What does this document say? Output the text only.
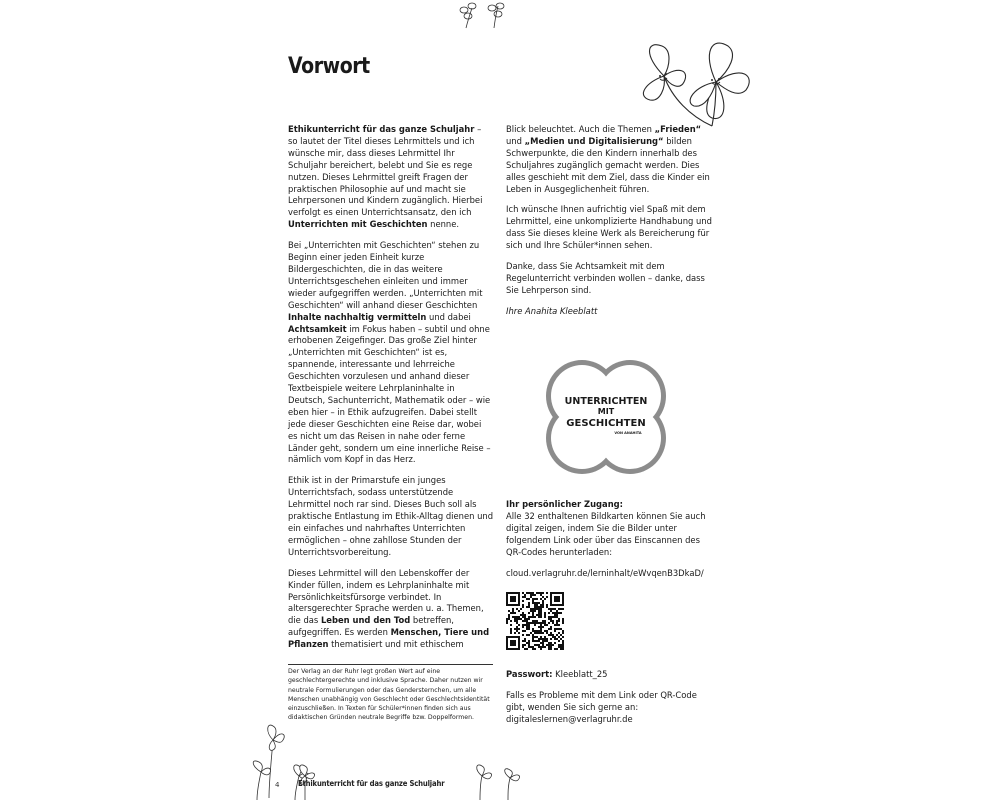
Vorwort

Ethikunterricht für das ganze Schuljahr – so lautet der Titel dieses Lehrmittels und ich wünsche mir, dass dieses Lehrmittel Ihr Schuljahr bereichert, belebt und Sie es rege nutzen. Dieses Lehrmittel greift Fragen der praktischen Philosophie auf und macht sie Lehrpersonen und Kindern zugänglich. Hierbei verfolgt es einen Unterrichtsansatz, den ich Unterrichten mit Geschichten nenne.

Bei „Unterrichten mit Geschichten“ stehen zu Beginn einer jeden Einheit kurze Bildergeschichten, die in das weitere Unterrichtsgeschehen einleiten und immer wieder aufgegriffen werden. „Unterrichten mit Geschichten“ will anhand dieser Geschichten Inhalte nachhaltig vermitteln und dabei Achtsamkeit im Fokus haben – subtil und ohne erhobenen Zeigefinger. Das große Ziel hinter „Unterrichten mit Geschichten“ ist es, spannende, interessante und lehrreiche Geschichten vorzulesen und anhand dieser Textbeispiele weitere Lehrplaninhalte in Deutsch, Sachunterricht, Mathematik oder – wie eben hier – in Ethik aufzugreifen. Dabei stellt jede dieser Geschichten eine Reise dar, wobei es nicht um das Reisen in nahe oder ferne Länder geht, sondern um eine innerliche Reise – nämlich vom Kopf in das Herz.

Ethik ist in der Primarstufe ein junges Unterrichtsfach, sodass unterstützende Lehrmittel noch rar sind. Dieses Buch soll als praktische Entlastung im Ethik-Alltag dienen und ein einfaches und nahrhaftes Unterrichten ermöglichen – ohne zahllose Stunden der Unterrichtsvorbereitung.

Dieses Lehrmittel will den Lebenskoffer der Kinder füllen, indem es Lehrplaninhalte mit Persönlichkeitsfürsorge verbindet. In altersgerechter Sprache werden u. a. Themen, die das Leben und den Tod betreffen, aufgegriffen. Es werden Menschen, Tiere und Pflanzen thematisiert und mit ethischem

Blick beleuchtet. Auch die Themen „Frieden“ und „Medien und Digitalisierung“ bilden Schwerpunkte, die den Kindern innerhalb des Schuljahres zugänglich gemacht werden. Dies alles geschieht mit dem Ziel, dass die Kinder ein Leben in Ausgeglichenheit führen.

Ich wünsche Ihnen aufrichtig viel Spaß mit dem Lehrmittel, eine unkomplizierte Handhabung und dass Sie dieses kleine Werk als Bereicherung für sich und Ihre Schüler*innen sehen.

Danke, dass Sie Achtsamkeit mit dem Regelunterricht verbinden wollen – danke, dass Sie Lehrperson sind.

Ihre Anahita Kleeblatt

UNTERRICHTEN
MIT
GESCHICHTEN
VON ANAHITA
Ihr persönlicher Zugang:

Alle 32 enthaltenen Bildkarten können Sie auch digital zeigen, indem Sie die Bilder unter folgendem Link oder über das Einscannen des QR-Codes herunterladen:

cloud.verlagruhr.de/lerninhalt/eWvqenB3DkaD/

Passwort: Kleeblatt_25

Falls es Probleme mit dem Link oder QR-Code gibt, wenden Sie sich gerne an:
digitaleslernen@verlagruhr.de

Der Verlag an der Ruhr legt großen Wert auf eine geschlechtergerechte und inklusive Sprache. Daher nutzen wir neutrale Formulierungen oder das Gendersternchen, um alle Menschen unabhängig von Geschlecht oder Geschlechtsidentität einzuschließen. In Texten für Schüler*innen finden sich aus didaktischen Gründen neutrale Begriffe bzw. Doppelformen.
4 Ethikunterricht für das ganze Schuljahr
